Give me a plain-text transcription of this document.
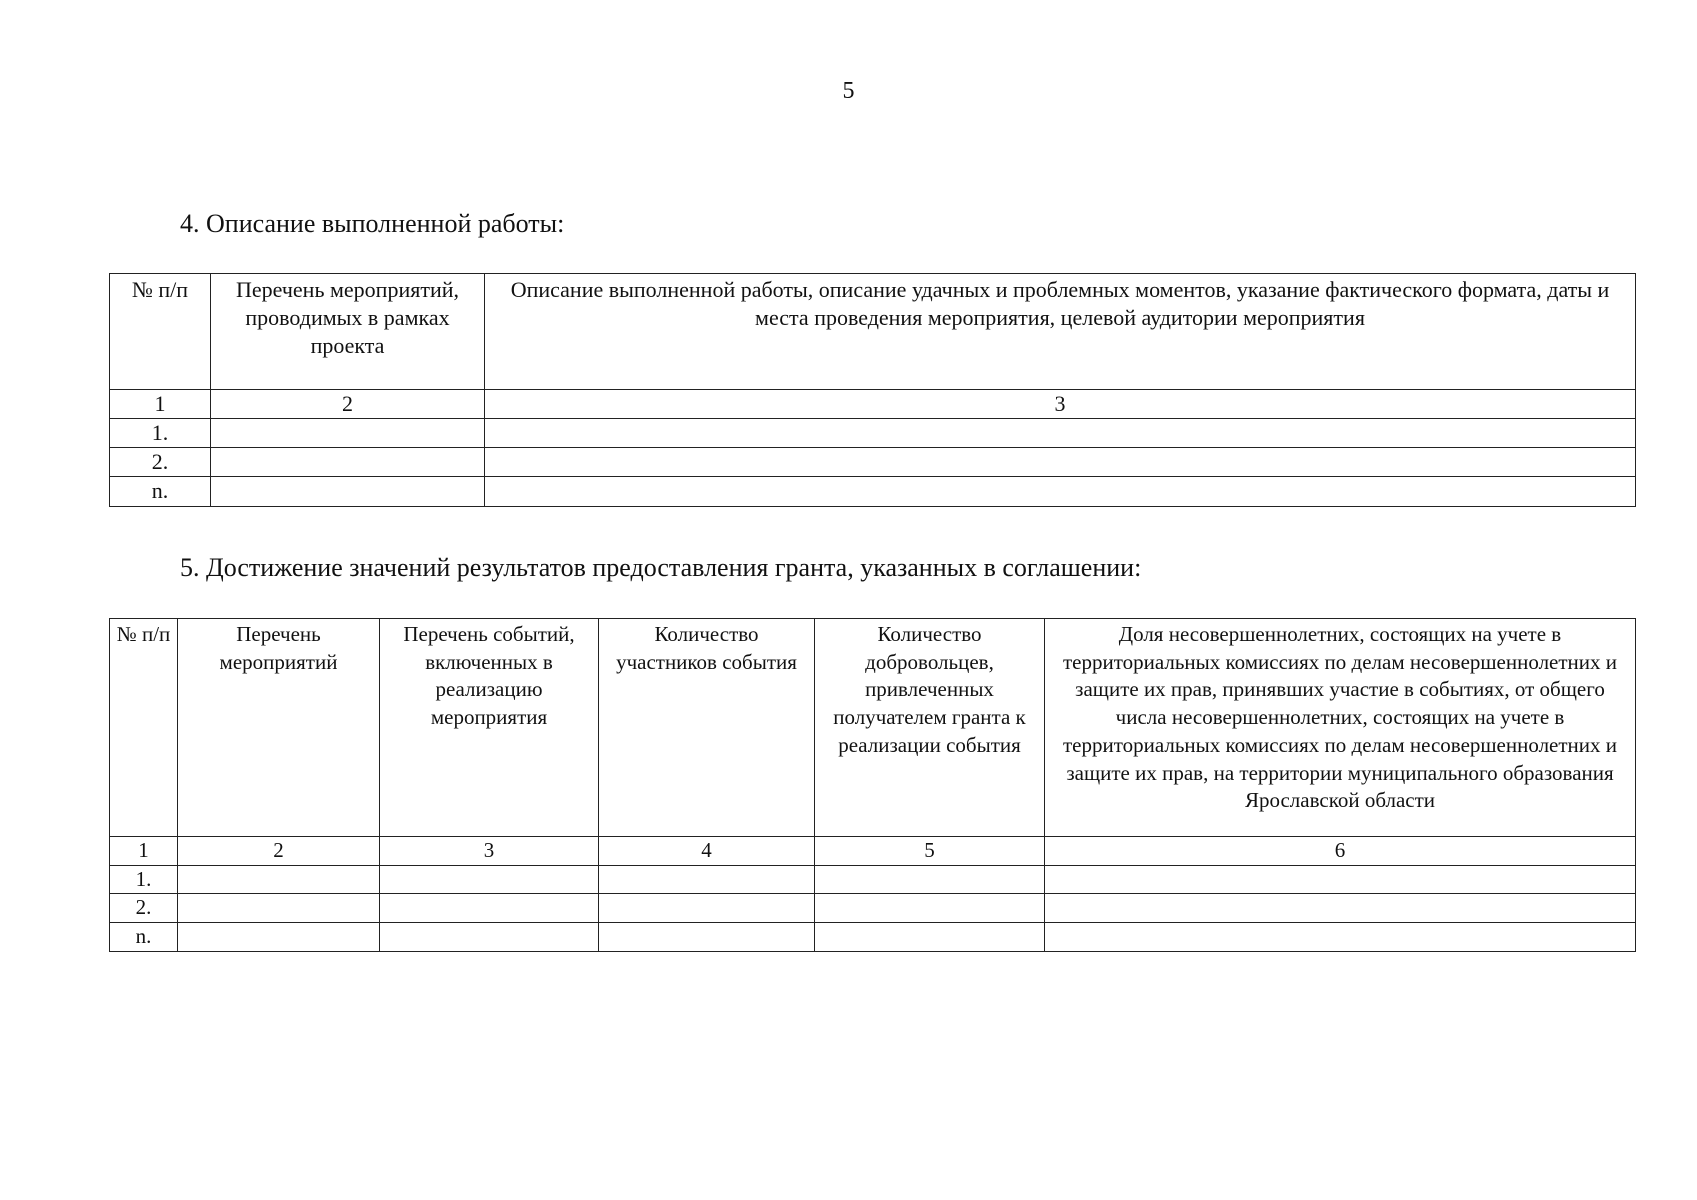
5
4. Описание выполненной работы:
№ п/п	Перечень мероприятий, проводимых в рамках проекта	Описание выполненной работы, описание удачных и проблемных моментов, указание фактического формата, даты и места проведения мероприятия, целевой аудитории мероприятия
1	2	3
1.		
2.		
n.		
5. Достижение значений результатов предоставления гранта, указанных в соглашении:
№ п/п	Перечень мероприятий	Перечень событий, включенных в реализацию мероприятия	Количество участников события	Количество добровольцев, привлеченных получателем гранта к реализации события	Доля несовершеннолетних, состоящих на учете в территориальных комиссиях по делам несовершеннолетних и защите их прав, принявших участие в событиях, от общего числа несовершеннолетних, состоящих на учете в территориальных комиссиях по делам несовершеннолетних и защите их прав, на территории муниципального образования Ярославской области
1	2	3	4	5	6
1.					
2.					
n.					
